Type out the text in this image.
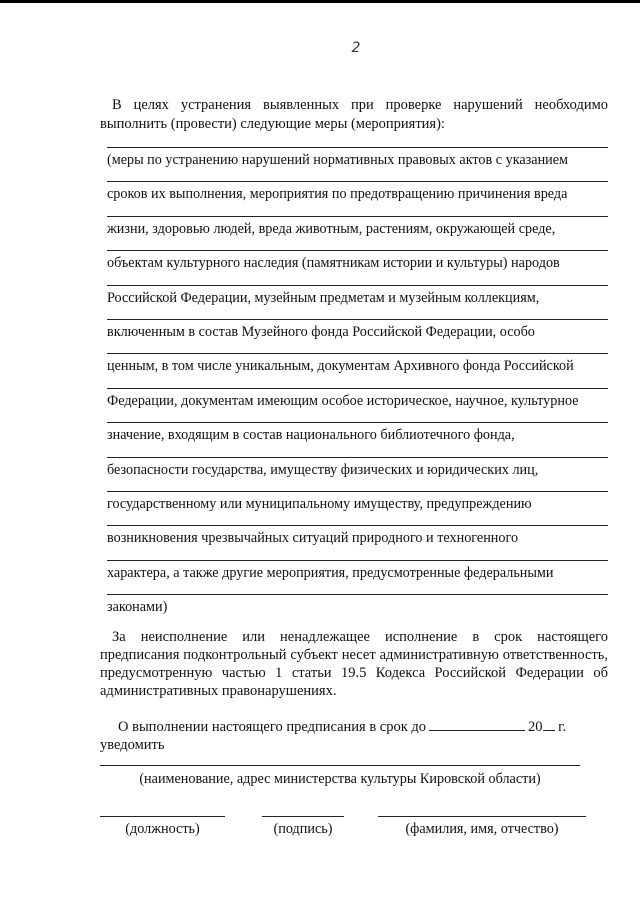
2
В целях устранения выявленных при проверке нарушений необходимо выполнить (провести) следующие меры (мероприятия):
(меры по устранению нарушений нормативных правовых актов с указанием
сроков их выполнения, мероприятия по предотвращению причинения вреда
жизни, здоровью людей, вреда животным, растениям, окружающей среде,
объектам культурного наследия (памятникам истории и культуры) народов
Российской Федерации, музейным предметам и музейным коллекциям,
включенным в состав Музейного фонда Российской Федерации, особо
ценным, в том числе уникальным, документам Архивного фонда Российской
Федерации, документам имеющим особое историческое, научное, культурное
значение, входящим в состав национального библиотечного фонда,
безопасности государства, имуществу физических и юридических лиц,
государственному или муниципальному имуществу, предупреждению
возникновения чрезвычайных ситуаций природного и техногенного
характера, а также другие мероприятия, предусмотренные федеральными
законами)
За неисполнение или ненадлежащее исполнение в срок настоящего предписания подконтрольный субъект несет административную ответственность, предусмотренную частью 1 статьи 19.5 Кодекса Российской Федерации об административных правонарушениях.
О выполнении настоящего предписания в срок до	20 г.
уведомить
(наименование, адрес министерства культуры Кировской области)
(должность)	(подпись)	(фамилия, имя, отчество)
